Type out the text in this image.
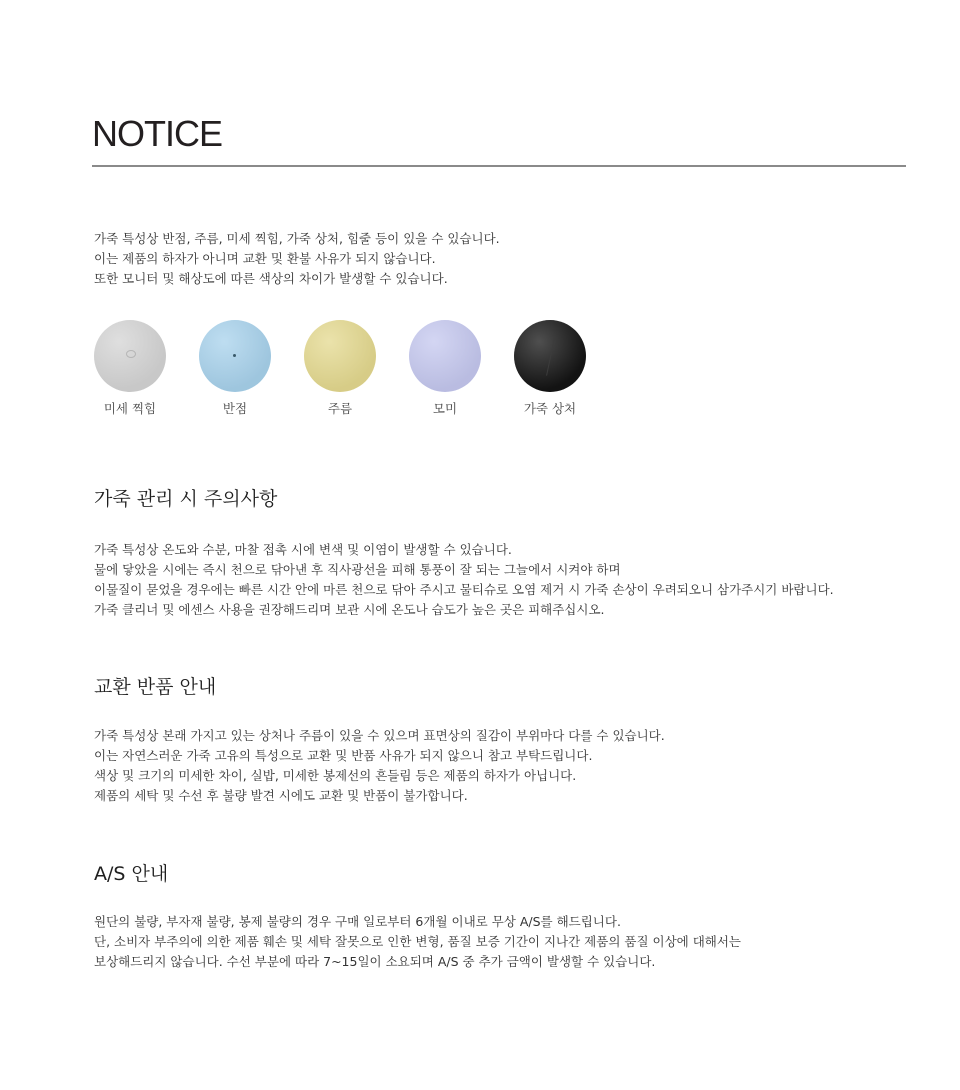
NOTICE
가죽 특성상 반점, 주름, 미세 찍힘, 가죽 상처, 힘줄 등이 있을 수 있습니다.
이는 제품의 하자가 아니며 교환 및 환불 사유가 되지 않습니다.
또한 모니터 및 해상도에 따른 색상의 차이가 발생할 수 있습니다.
미세 찍힘	반점	주름	모미	가죽 상처
가죽 관리 시 주의사항
가죽 특성상 온도와 수분, 마찰 접촉 시에 변색 및 이염이 발생할 수 있습니다.
물에 닿았을 시에는 즉시 천으로 닦아낸 후 직사광선을 피해 통풍이 잘 되는 그늘에서 시켜야 하며
이물질이 묻었을 경우에는 빠른 시간 안에 마른 천으로 닦아 주시고 물티슈로 오염 제거 시 가죽 손상이 우려되오니 삼가주시기 바랍니다.
가죽 클리너 및 에센스 사용을 권장해드리며 보관 시에 온도나 습도가 높은 곳은 피해주십시오.
교환 반품 안내
가죽 특성상 본래 가지고 있는 상처나 주름이 있을 수 있으며 표면상의 질감이 부위마다 다를 수 있습니다.
이는 자연스러운 가죽 고유의 특성으로 교환 및 반품 사유가 되지 않으니 참고 부탁드립니다.
색상 및 크기의 미세한 차이, 실밥, 미세한 봉제선의 흔들림 등은 제품의 하자가 아닙니다.
제품의 세탁 및 수선 후 불량 발견 시에도 교환 및 반품이 불가합니다.
A/S 안내
원단의 불량, 부자재 불량, 봉제 불량의 경우 구매 일로부터 6개월 이내로 무상 A/S를 해드립니다.
단, 소비자 부주의에 의한 제품 훼손 및 세탁 잘못으로 인한 변형, 품질 보증 기간이 지나간 제품의 품질 이상에 대해서는
보상해드리지 않습니다. 수선 부분에 따라 7~15일이 소요되며 A/S 중 추가 금액이 발생할 수 있습니다.
